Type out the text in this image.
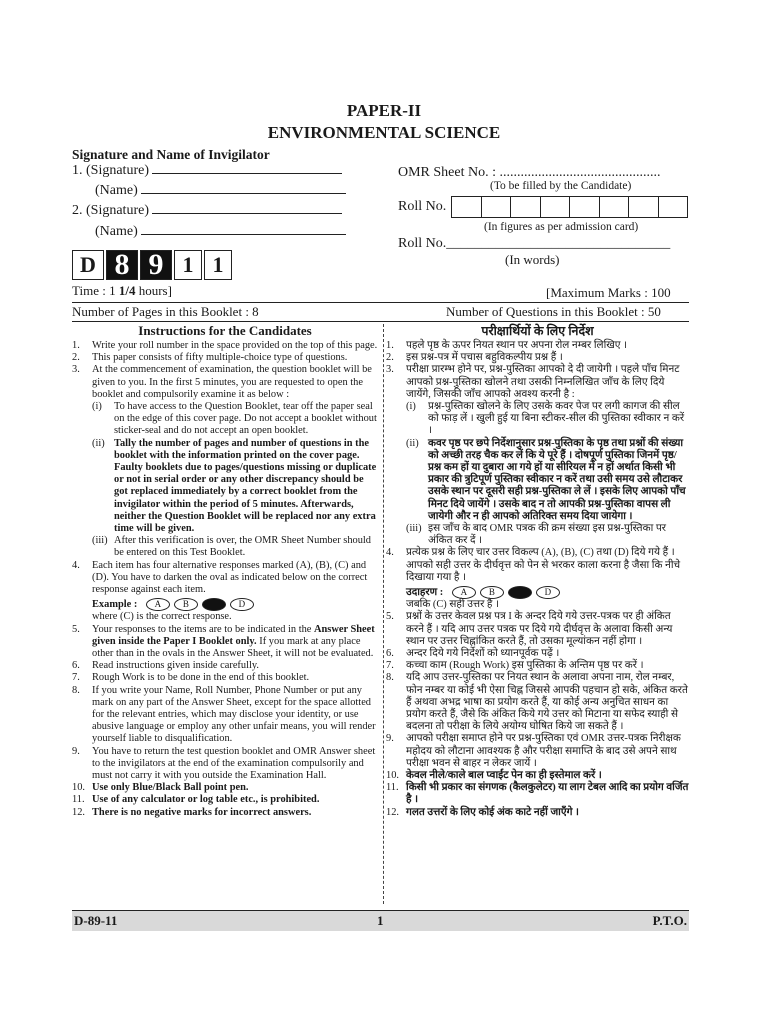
PAPER-II
ENVIRONMENTAL SCIENCE
Signature and Name of Invigilator
1. (Signature)
(Name)
2. (Signature)
(Name)
OMR Sheet No. : ..............................................
(To be filled by the Candidate)
Roll No.
(In figures as per admission card)
Roll No.________________________________
(In words)
D 8 9 1 1
Time : 1 1/4 hours]	[Maximum Marks : 100
Number of Pages in this Booklet : 8	Number of Questions in this Booklet : 50
Instructions for the Candidates
1.	Write your roll number in the space provided on the top of this page.
2.	This paper consists of fifty multiple-choice type of questions.
3.	At the commencement of examination, the question booklet will be given to you. In the first 5 minutes, you are requested to open the booklet and compulsorily examine it as below :
(i)	To have access to the Question Booklet, tear off the paper seal on the edge of this cover page. Do not accept a booklet without sticker-seal and do not accept an open booklet.
(ii) Tally the number of pages and number of questions in the booklet with the information printed on the cover page. Faulty booklets due to pages/questions missing or duplicate or not in serial order or any other discrepancy should be got replaced immediately by a correct booklet from the invigilator within the period of 5 minutes. Afterwards, neither the Question Booklet will be replaced nor any extra time will be given.
(iii) After this verification is over, the OMR Sheet Number should be entered on this Test Booklet.
4.	Each item has four alternative responses marked (A), (B), (C) and (D). You have to darken the oval as indicated below on the correct response against each item.
Example :	A	B	D
where (C) is the correct response.
5.	Your responses to the items are to be indicated in the Answer Sheet given inside the Paper I Booklet only. If you mark at any place other than in the ovals in the Answer Sheet, it will not be evaluated.
6.	Read instructions given inside carefully.
7.	Rough Work is to be done in the end of this booklet.
8.	If you write your Name, Roll Number, Phone Number or put any mark on any part of the Answer Sheet, except for the space allotted for the relevant entries, which may disclose your identity, or use abusive language or employ any other unfair means, you will render yourself liable to disqualification.
9.	You have to return the test question booklet and OMR Answer sheet to the invigilators at the end of the examination compulsorily and must not carry it with you outside the Examination Hall.
10. Use only Blue/Black Ball point pen.
11. Use of any calculator or log table etc., is prohibited.
12. There is no negative marks for incorrect answers.
परीक्षार्थियों के लिए निर्देश
1.	पहले पृष्ठ के ऊपर नियत स्थान पर अपना रोल नम्बर लिखिए ।
2.	इस प्रश्न-पत्र में पचास बहुविकल्पीय प्रश्न हैं ।
3.	परीक्षा प्रारम्भ होने पर, प्रश्न-पुस्तिका आपको दे दी जायेगी । पहले पाँच मिनट आपको प्रश्न-पुस्तिका खोलने तथा उसकी निम्नलिखित जाँच के लिए दिये जायेंगे, जिसकी जाँच आपको अवश्य करनी है :
(i)	प्रश्न-पुस्तिका खोलने के लिए उसके कवर पेज पर लगी कागज की सील को फाड़ लें । खुली हुई या बिना स्टीकर-सील की पुस्तिका स्वीकार न करें ।
(ii) कवर पृष्ठ पर छपे निर्देशानुसार प्रश्न-पुस्तिका के पृष्ठ तथा प्रश्नों की संख्या को अच्छी तरह चैक कर लें कि ये पूरे हैं । दोषपूर्ण पुस्तिका जिनमें पृष्ठ/प्रश्न कम हों या दुबारा आ गये हों या सीरियल में न हों अर्थात किसी भी प्रकार की त्रुटिपूर्ण पुस्तिका स्वीकार न करें तथा उसी समय उसे लौटाकर उसके स्थान पर दूसरी सही प्रश्न-पुस्तिका ले लें । इसके लिए आपको पाँच मिनट दिये जायेंगे । उसके बाद न तो आपकी प्रश्न-पुस्तिका वापस ली जायेगी और न ही आपको अतिरिक्त समय दिया जायेगा ।
(iii) इस जाँच के बाद OMR पत्रक की क्रम संख्या इस प्रश्न-पुस्तिका पर अंकित कर दें ।
4.	प्रत्येक प्रश्न के लिए चार उत्तर विकल्प (A), (B), (C) तथा (D) दिये गये हैं । आपको सही उत्तर के दीर्घवृत्त को पेन से भरकर काला करना है जैसा कि नीचे दिखाया गया है ।
उदाहरण :	A	B	D
जबकि (C) सही उत्तर है ।
5.	प्रश्नों के उत्तर केवल प्रश्न पत्र I के अन्दर दिये गये उत्तर-पत्रक पर ही अंकित करने हैं । यदि आप उत्तर पत्रक पर दिये गये दीर्घवृत्त के अलावा किसी अन्य स्थान पर उत्तर चिह्नांकित करते हैं, तो उसका मूल्यांकन नहीं होगा ।
6.	अन्दर दिये गये निर्देशों को ध्यानपूर्वक पढ़ें ।
7.	कच्चा काम (Rough Work) इस पुस्तिका के अन्तिम पृष्ठ पर करें ।
8.	यदि आप उत्तर-पुस्तिका पर नियत स्थान के अलावा अपना नाम, रोल नम्बर, फोन नम्बर या कोई भी ऐसा चिह्न जिससे आपकी पहचान हो सके, अंकित करते हैं अथवा अभद्र भाषा का प्रयोग करते हैं, या कोई अन्य अनुचित साधन का प्रयोग करते हैं, जैसे कि अंकित किये गये उत्तर को मिटाना या सफेद स्याही से बदलना तो परीक्षा के लिये अयोग्य घोषित किये जा सकते हैं ।
9.	आपको परीक्षा समाप्त होने पर प्रश्न-पुस्तिका एवं OMR उत्तर-पत्रक निरीक्षक महोदय को लौटाना आवश्यक है और परीक्षा समाप्ति के बाद उसे अपने साथ परीक्षा भवन से बाहर न लेकर जायें ।
10. केवल नीले/काले बाल प्वाईंट पेन का ही इस्तेमाल करें ।
11. किसी भी प्रकार का संगणक (कैलकुलेटर) या लाग टेबल आदि का प्रयोग वर्जित है ।
12. गलत उत्तरों के लिए कोई अंक काटे नहीं जाएँगे ।
D-89-11	1	P.T.O.
